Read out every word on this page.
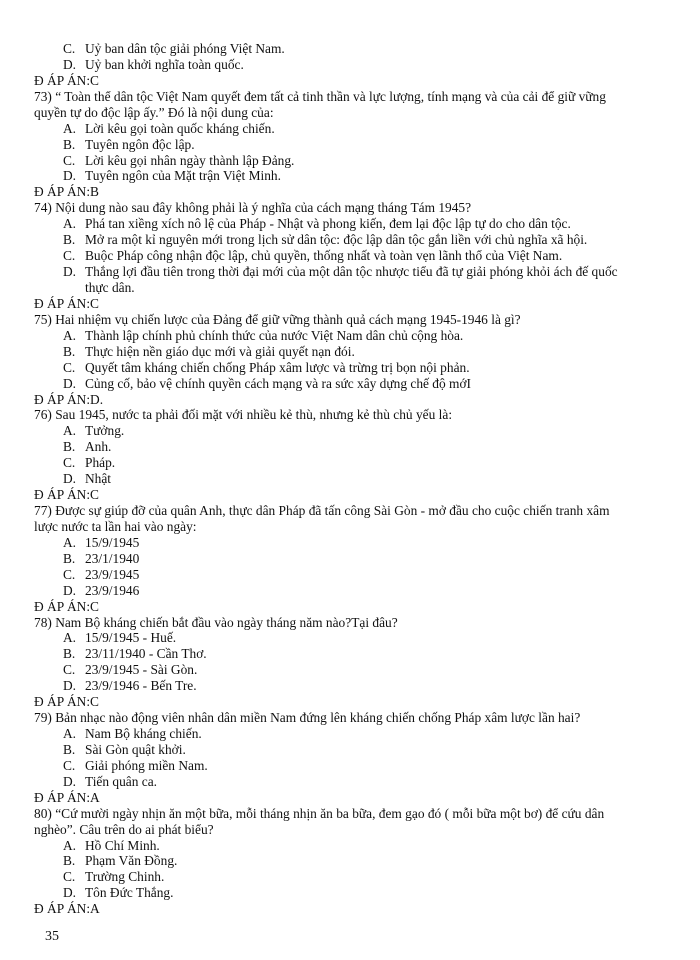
C. Uỷ ban dân tộc giải phóng Việt Nam.
D. Uỷ ban khởi nghĩa toàn quốc.
Đ ÁP ÁN:C
73) “ Toàn thể dân tộc Việt Nam quyết đem tất cả tinh thần và lực lượng, tính mạng và của cải để giữ vững
quyền tự do độc lập ấy.” Đó là nội dung của:
A. Lời kêu gọi toàn quốc kháng chiến.
B. Tuyên ngôn độc lập.
C. Lời kêu gọi nhân ngày thành lập Đảng.
D. Tuyên ngôn của Mặt trận Việt Minh.
Đ ÁP ÁN:B
74) Nội dung nào sau đây không phải là ý nghĩa của cách mạng tháng Tám 1945?
A. Phá tan xiềng xích nô lệ của Pháp - Nhật và phong kiến, đem lại độc lập tự do cho dân tộc.
B. Mở ra một kỉ nguyên mới trong lịch sử dân tộc: độc lập dân tộc gắn liền với chủ nghĩa xã hội.
C. Buộc Pháp công nhận độc lập, chủ quyền, thống nhất và toàn vẹn lãnh thổ của Việt Nam.
D. Thắng lợi đầu tiên trong thời đại mới của một dân tộc nhược tiểu đã tự giải phóng khỏi ách đế quốc
thực dân.
Đ ÁP ÁN:C
75) Hai nhiệm vụ chiến lược của Đảng để giữ vững thành quả cách mạng 1945-1946 là gì?
A. Thành lập chính phủ chính thức của nước Việt Nam dân chủ cộng hòa.
B. Thực hiện nền giáo dục mới và giải quyết nạn đói.
C. Quyết tâm kháng chiến chống Pháp xâm lược và trừng trị bọn nội phản.
D. Củng cố, bảo vệ chính quyền cách mạng và ra sức xây dựng chế độ mớI
Đ ÁP ÁN:D.
76) Sau 1945, nước ta phải đối mặt với nhiều kẻ thù, nhưng kẻ thù chủ yếu là:
A. Tưởng.
B. Anh.
C. Pháp.
D. Nhật
Đ ÁP ÁN:C
77) Được sự giúp đỡ của quân Anh, thực dân Pháp đã tấn công Sài Gòn - mở đầu cho cuộc chiến tranh xâm
lược nước ta lần hai vào ngày:
A. 15/9/1945
B. 23/1/1940
C. 23/9/1945
D. 23/9/1946
Đ ÁP ÁN:C
78) Nam Bộ kháng chiến bắt đầu vào ngày tháng năm nào?Tại đâu?
A. 15/9/1945 - Huế.
B. 23/11/1940 - Cần Thơ.
C. 23/9/1945 - Sài Gòn.
D. 23/9/1946 - Bến Tre.
Đ ÁP ÁN:C
79) Bản nhạc nào động viên nhân dân miền Nam đứng lên kháng chiến chống Pháp xâm lược lần hai?
A. Nam Bộ kháng chiến.
B. Sài Gòn quật khởi.
C. Giải phóng miền Nam.
D. Tiến quân ca.
Đ ÁP ÁN:A
80) “Cứ mười ngày nhịn ăn một bữa, mỗi tháng nhịn ăn ba bữa, đem gạo đó ( mỗi bữa một bơ) để cứu dân
nghèo”. Câu trên do ai phát biểu?
A. Hồ Chí Minh.
B. Phạm Văn Đồng.
C. Trường Chinh.
D. Tôn Đức Thắng.
Đ ÁP ÁN:A
35
